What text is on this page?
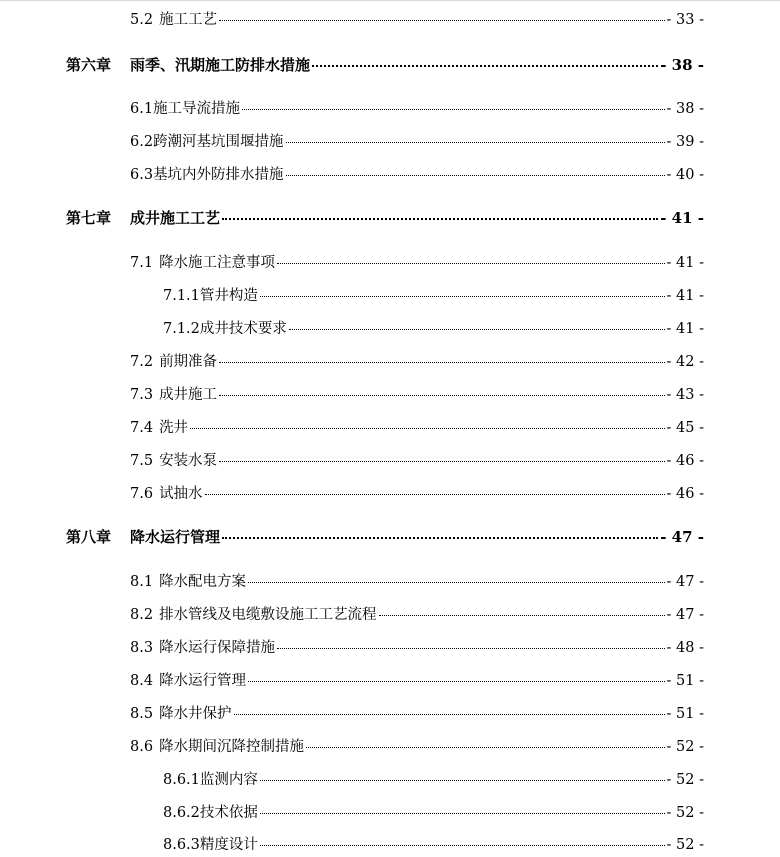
5.2 施工工艺	- 33 -
第六章	雨季、汛期施工防排水措施	- 38 -
6.1 施工导流措施	- 38 -
6.2 跨潮河基坑围堰措施	- 39 -
6.3 基坑内外防排水措施	- 40 -
第七章	成井施工工艺	- 41 -
7.1 降水施工注意事项	- 41 -
7.1.1 管井构造	- 41 -
7.1.2 成井技术要求	- 41 -
7.2 前期准备	- 42 -
7.3 成井施工	- 43 -
7.4 洗井	- 45 -
7.5 安装水泵	- 46 -
7.6 试抽水	- 46 -
第八章	降水运行管理	- 47 -
8.1 降水配电方案	- 47 -
8.2 排水管线及电缆敷设施工工艺流程	- 47 -
8.3 降水运行保障措施	- 48 -
8.4 降水运行管理	- 51 -
8.5 降水井保护	- 51 -
8.6 降水期间沉降控制措施	- 52 -
8.6.1 监测内容	- 52 -
8.6.2 技术依据	- 52 -
8.6.3 精度设计	- 52 -
